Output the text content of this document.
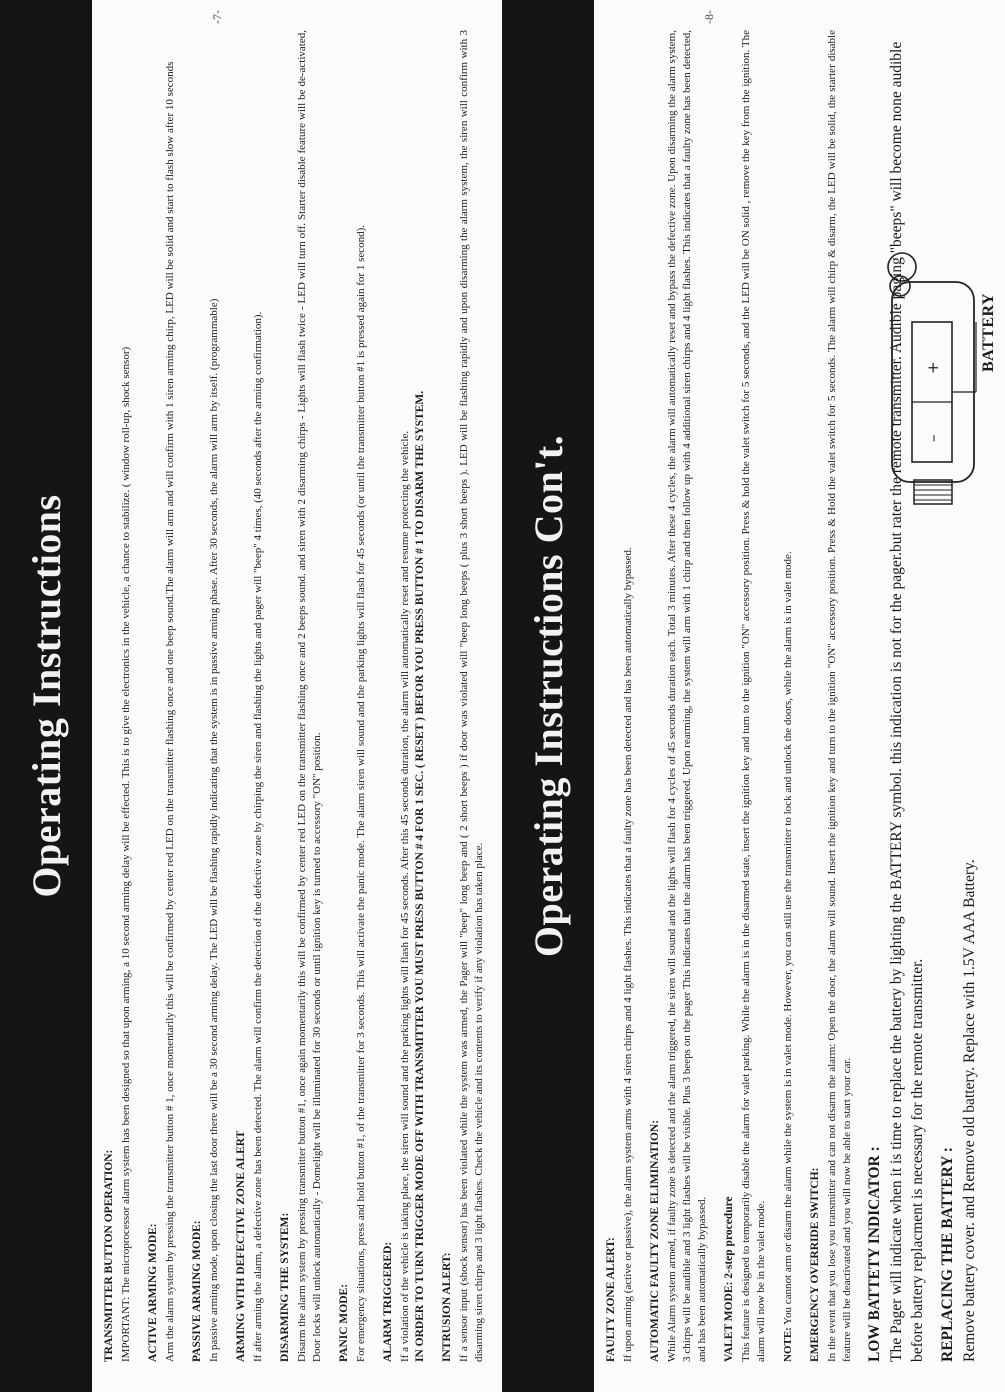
Operating Instructions
TRANSMITTER BUTTON OPERATION: IMPORTANT: The microprocessor alarm system has been designed so that upon arming, a 10 second arming delay will be effected. This is to give the electronics in the vehicle, a chance to stabilize. ( window roll-up, shock sensor) ACTIVE ARMING MODE: Arm the alarm system by pressing the transmitter button # 1, once momentarily this will be confirmed by center red LED on the transmitter flashing once and one beep sound.The alarm will arm and will confirm with 1 siren arming chirp, LED will be solid and start to flash slow after 10 seconds PASSIVE ARMING MODE: In passive arming mode, upon closing the last door there will be a 30 second arming delay. The LED will be flashing rapidly indicating that the system is in passive arming phase. After 30 seconds, the alarm will arm by itself. (programmable) ARMING WITH DEFECTIVE ZONE ALERT If after arming the alarm, a defective zone has been detected. The alarm will confirm the detection of the defective zone by chirping the siren and flashing the lights and pager will "beep" 4 times, (40 seconds after the arming confirmation). DISARMING THE SYSTEM: Disarm the alarm system by pressing transmitter button #1, once again momentarily this will be confirmed by center red LED on the transmitter flashing once and 2 beeps sound. and siren with 2 disarming chirps - Lights will flash twice - LED will turn off. Starter disable feature will be de-activated, Door locks will unlock automatically - Domelight will be illuminated for 30 seconds or until ignition key is turned to accessory "ON" position. PANIC MODE: For emergency situations, press and hold button #1, of the transmitter for 3 seconds. This will activate the panic mode. The alarm siren will sound and the parking lights will flash for 45 seconds (or until the transmitter button #1 is pressed again for 1 second). ALARM TRIGGERED: If a violation of the vehicle is taking place, the siren will sound and the parking lights will flash for 45 seconds. After this 45 seconds duration, the alarm will automatically reset and resume protecting the vehicle. IN ORDER TO TURN TRIGGER MODE OFF WITH TRANSMITTER YOU MUST PRESS BUTTON # 4 FOR 1 SEC. ( RESET ) BEFOR YOU PRESS BUTTON # 1 TO DISARM THE SYSTEM. INTRUSION ALERT: If a sensor input (shock sensor) has been violated while the system was armed, the Pager will "beep" long beep and ( 2 short beeps ) if door was violated will "beep long beeps ( plus 3 short beeps ). LED will be flashing rapidly and upon disarming the alarm system, the siren will confirm with 3 disarming siren chirps and 3 light flashes. Check the vehicle and its contents to verify if any violation has taken place.

-7-
Operating Instructions Con't.
FAULTY ZONE ALERT: If upon arming (active or passive), the alarm system arms with 4 siren chirps and 4 light flashes. This indicates that a faulty zone has been detected and has been automatically bypassed. AUTOMATIC FAULTY ZONE ELIMINATION: While Alarm system armed, if faulty zone is detected and the alarm triggered, the siren will sound and the lights will flash for 4 cycles of 45 seconds duration each. Total 3 minutes. After these 4 cycles, the alarm will automatically reset and bypass the defective zone. Upon disarming the alarm system, 3 chirps will be audible and 3 light flashes will be visible. Plus 3 beeps on the pager This indicates that the alarm has been triggered. Upon rearming, the system will arm with 1 chirp and then follow up with 4 additional siren chirps and 4 light flashes. This indicates that a faulty zone has been detected, and has been automatically bypassed. VALET MODE: 2-step procedure This feature is designed to temporarily disable the alarm for valet parking. While the alarm is in the disarmed state, insert the ignition key and turn to the ignition "ON" accessory position. Press & hold the valet switch for 5 seconds, and the LED will be ON solid , remove the key from the ignition. The alarm will now be in the valet mode. NOTE: You cannot arm or disarm the alarm while the system is in valet mode. However, you can still use the transmitter to lock and unlock the doors, while the alarm is in valet mode. EMERGENCY OVERRIDE SWITCH: In the event that you lose you transmitter and can not disarm the alarm: Open the door, the alarm will sound. Insert the ignition key and turn to the ignition "ON" accessory position. Press & Hold the valet switch for 5 seconds. The alarm will chirp & disarm, the LED will be solid, the starter disable feature will be deactivated and you will now be able to start your car. LOW BATTETY INDICATOR : The Pager will indicate when it is time to replace the battery by lighting the BATTERY symbol. this indication is not for the pager.but rater the remote transmitter. Audible paging "beeps" will become none audible before battery replacment is necessary for the remote transmitter. REPLACING THE BATTERY : Remove battery cover. and Remove old battery. Replace with 1.5V AAA Battery.

+
–
BATTERY
-8-
